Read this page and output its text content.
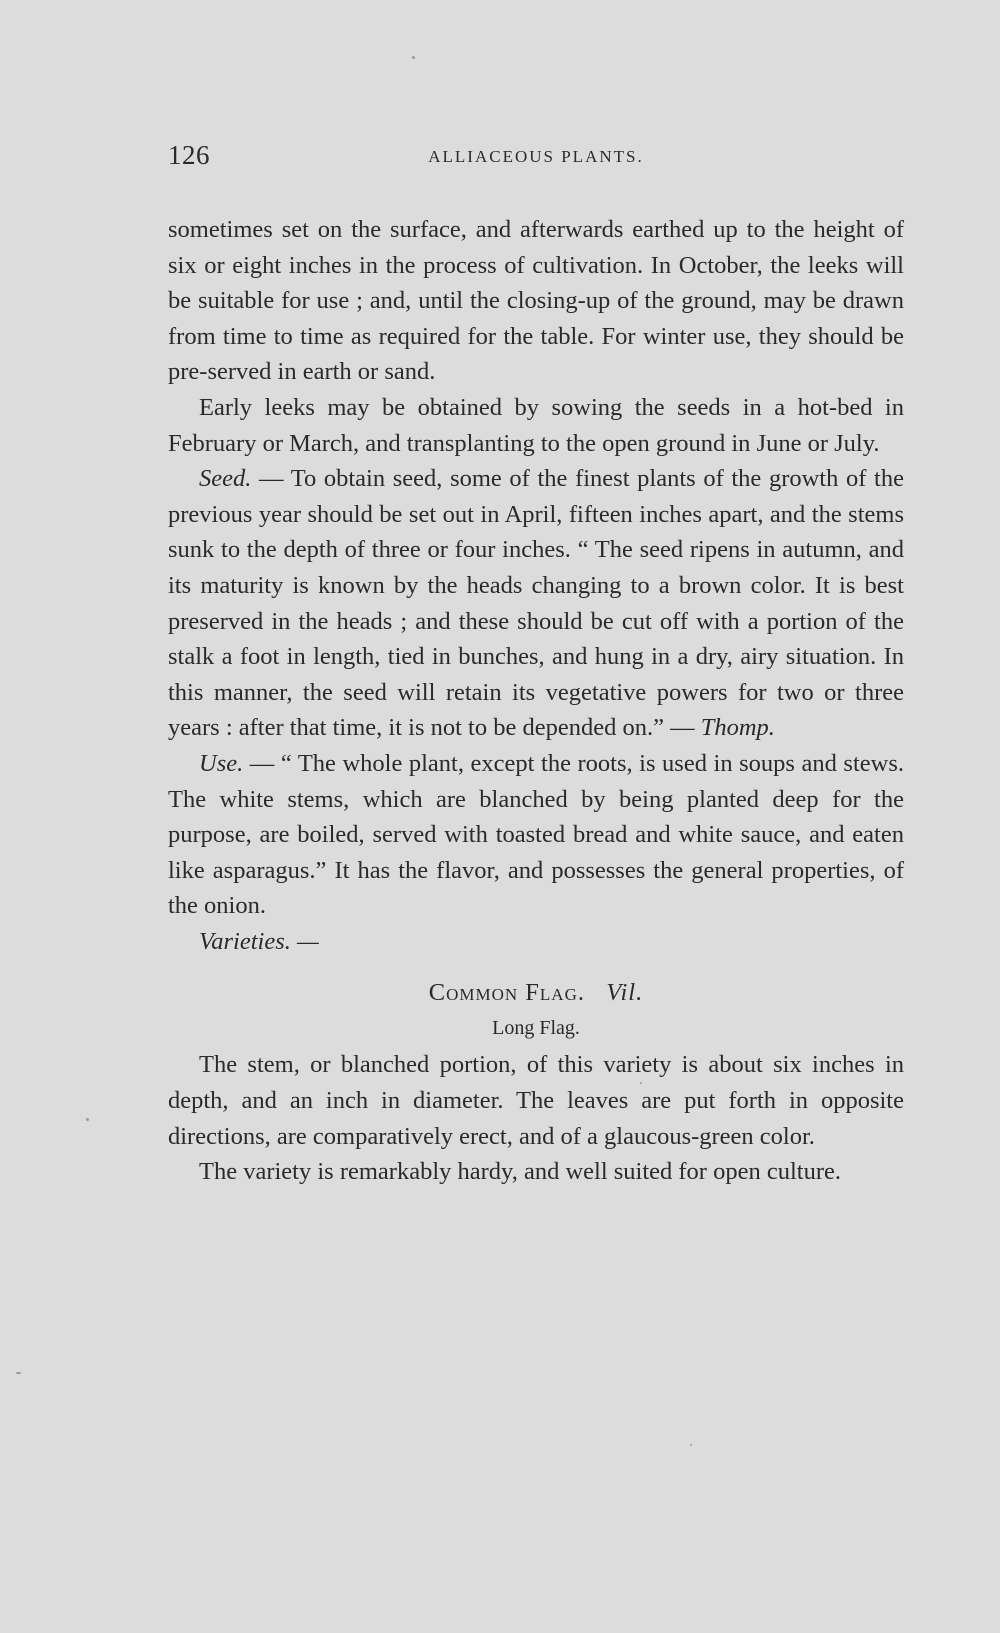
126	ALLIACEOUS PLANTS.

sometimes set on the surface, and afterwards earthed up to the height of six or eight inches in the process of cultivation. In October, the leeks will be suitable for use ; and, until the closing-up of the ground, may be drawn from time to time as required for the table. For winter use, they should be pre-served in earth or sand.

Early leeks may be obtained by sowing the seeds in a hot-bed in February or March, and transplanting to the open ground in June or July.

Seed. — To obtain seed, some of the finest plants of the growth of the previous year should be set out in April, fifteen inches apart, and the stems sunk to the depth of three or four inches. “ The seed ripens in autumn, and its maturity is known by the heads changing to a brown color. It is best preserved in the heads ; and these should be cut off with a portion of the stalk a foot in length, tied in bunches, and hung in a dry, airy situation. In this manner, the seed will retain its vegetative powers for two or three years : after that time, it is not to be depended on.” — Thomp.

Use. — “ The whole plant, except the roots, is used in soups and stews. The white stems, which are blanched by being planted deep for the purpose, are boiled, served with toasted bread and white sauce, and eaten like asparagus.” It has the flavor, and possesses the general properties, of the onion.

Varieties. —

Common Flag. Vil.
Long Flag.

The stem, or blanched portion, of this variety is about six inches in depth, and an inch in diameter. The leaves are put forth in opposite directions, are comparatively erect, and of a glaucous-green color.

The variety is remarkably hardy, and well suited for open culture.
